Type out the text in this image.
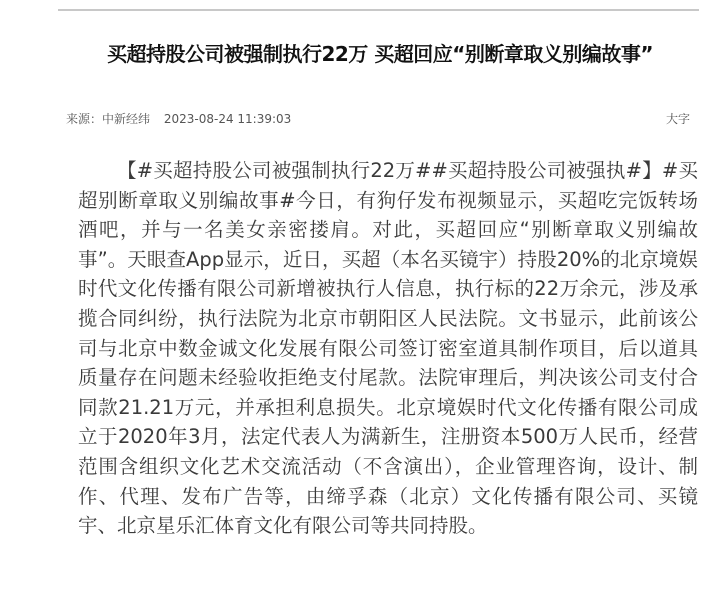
买超持股公司被强制执行22万 买超回应“别断章取义别编故事”
来源：中新经纬 2023-08-24 11:39:03	大字

【#买超持股公司被强制执行22万##买超持股公司被强执#】#买超别断章取义别编故事#今日，有狗仔发布视频显示，买超吃完饭转场酒吧，并与一名美女亲密搂肩。对此，买超回应“别断章取义别编故事”。天眼查App显示，近日，买超（本名买镜宇）持股20%的北京境娱时代文化传播有限公司新增被执行人信息，执行标的22万余元，涉及承揽合同纠纷，执行法院为北京市朝阳区人民法院。文书显示，此前该公司与北京中数金诚文化发展有限公司签订密室道具制作项目，后以道具质量存在问题未经验收拒绝支付尾款。法院审理后，判决该公司支付合同款21.21万元，并承担利息损失。北京境娱时代文化传播有限公司成立于2020年3月，法定代表人为满新生，注册资本500万人民币，经营范围含组织文化艺术交流活动（不含演出），企业管理咨询，设计、制作、代理、发布广告等，由缔孚森（北京）文化传播有限公司、买镜宇、北京星乐汇体育文化有限公司等共同持股。
